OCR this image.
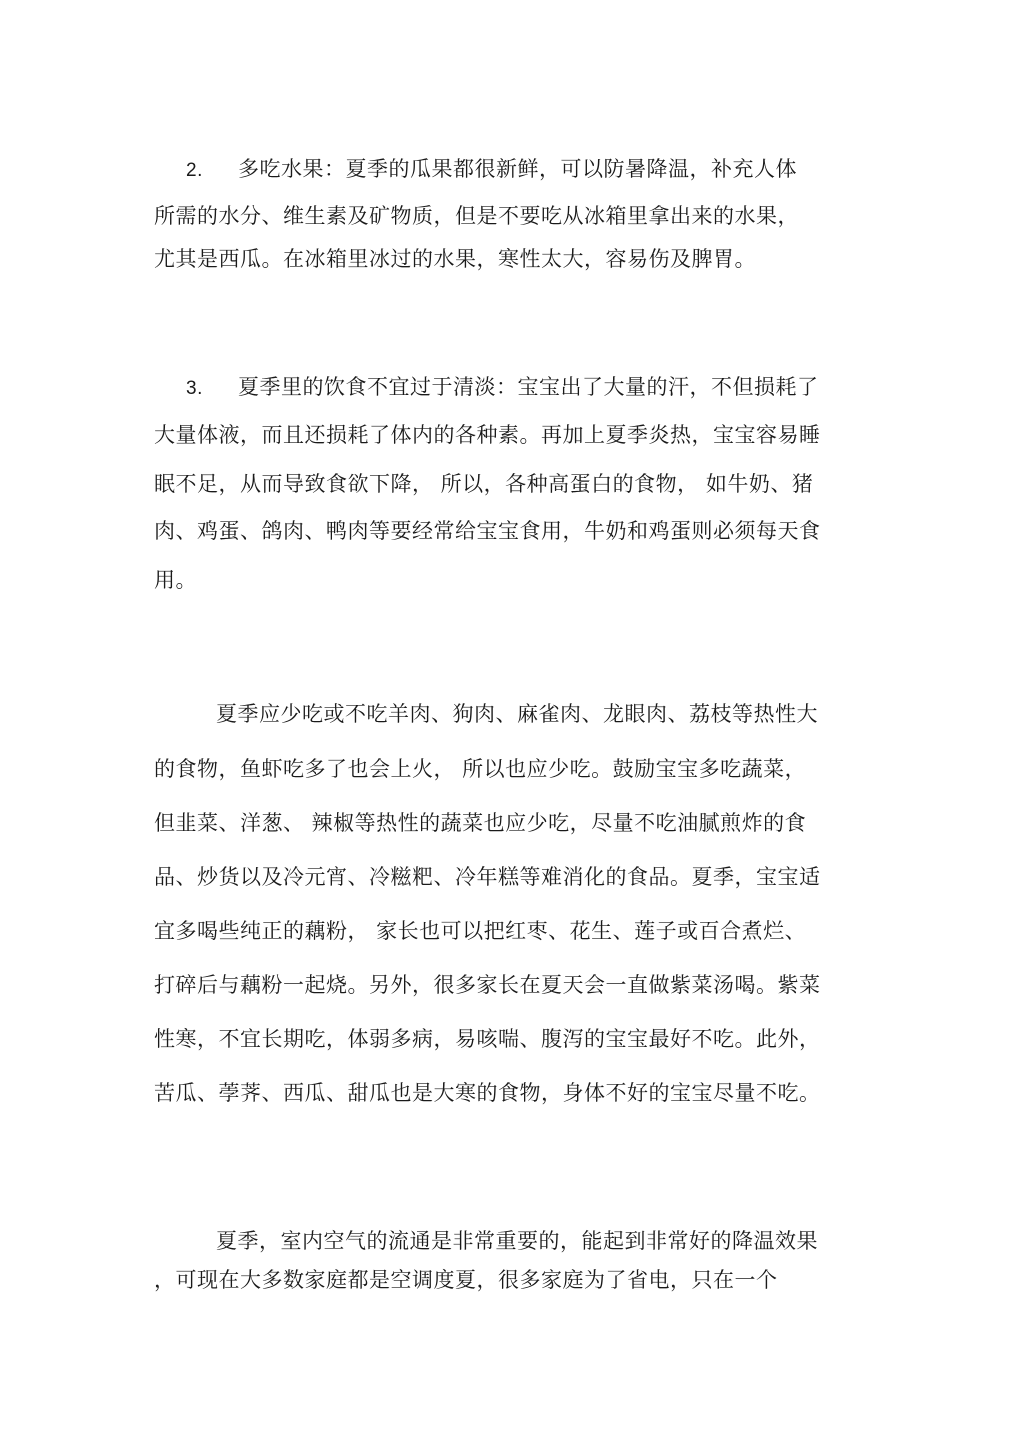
2. 多吃水果：夏季的瓜果都很新鲜，可以防暑降温，补充人体
所需的水分、维生素及矿物质，但是不要吃从冰箱里拿出来的水果，
尤其是西瓜。在冰箱里冰过的水果，寒性太大，容易伤及脾胃。
3. 夏季里的饮食不宜过于清淡：宝宝出了大量的汗，不但损耗了
大量体液，而且还损耗了体内的各种素。再加上夏季炎热，宝宝容易睡
眠不足，从而导致食欲下降， 所以，各种高蛋白的食物， 如牛奶、猪
肉、鸡蛋、鸽肉、鸭肉等要经常给宝宝食用，牛奶和鸡蛋则必须每天食
用。
夏季应少吃或不吃羊肉、狗肉、麻雀肉、龙眼肉、荔枝等热性大
的食物，鱼虾吃多了也会上火， 所以也应少吃。鼓励宝宝多吃蔬菜，
但韭菜、洋葱、 辣椒等热性的蔬菜也应少吃，尽量不吃油腻煎炸的食
品、炒货以及冷元宵、冷糍粑、冷年糕等难消化的食品。夏季，宝宝适
宜多喝些纯正的藕粉， 家长也可以把红枣、花生、莲子或百合煮烂、
打碎后与藕粉一起烧。另外，很多家长在夏天会一直做紫菜汤喝。紫菜
性寒，不宜长期吃，体弱多病，易咳喘、腹泻的宝宝最好不吃。此外，
苦瓜、荸荠、西瓜、甜瓜也是大寒的食物，身体不好的宝宝尽量不吃。
夏季，室内空气的流通是非常重要的，能起到非常好的降温效果
，可现在大多数家庭都是空调度夏，很多家庭为了省电，只在一个
